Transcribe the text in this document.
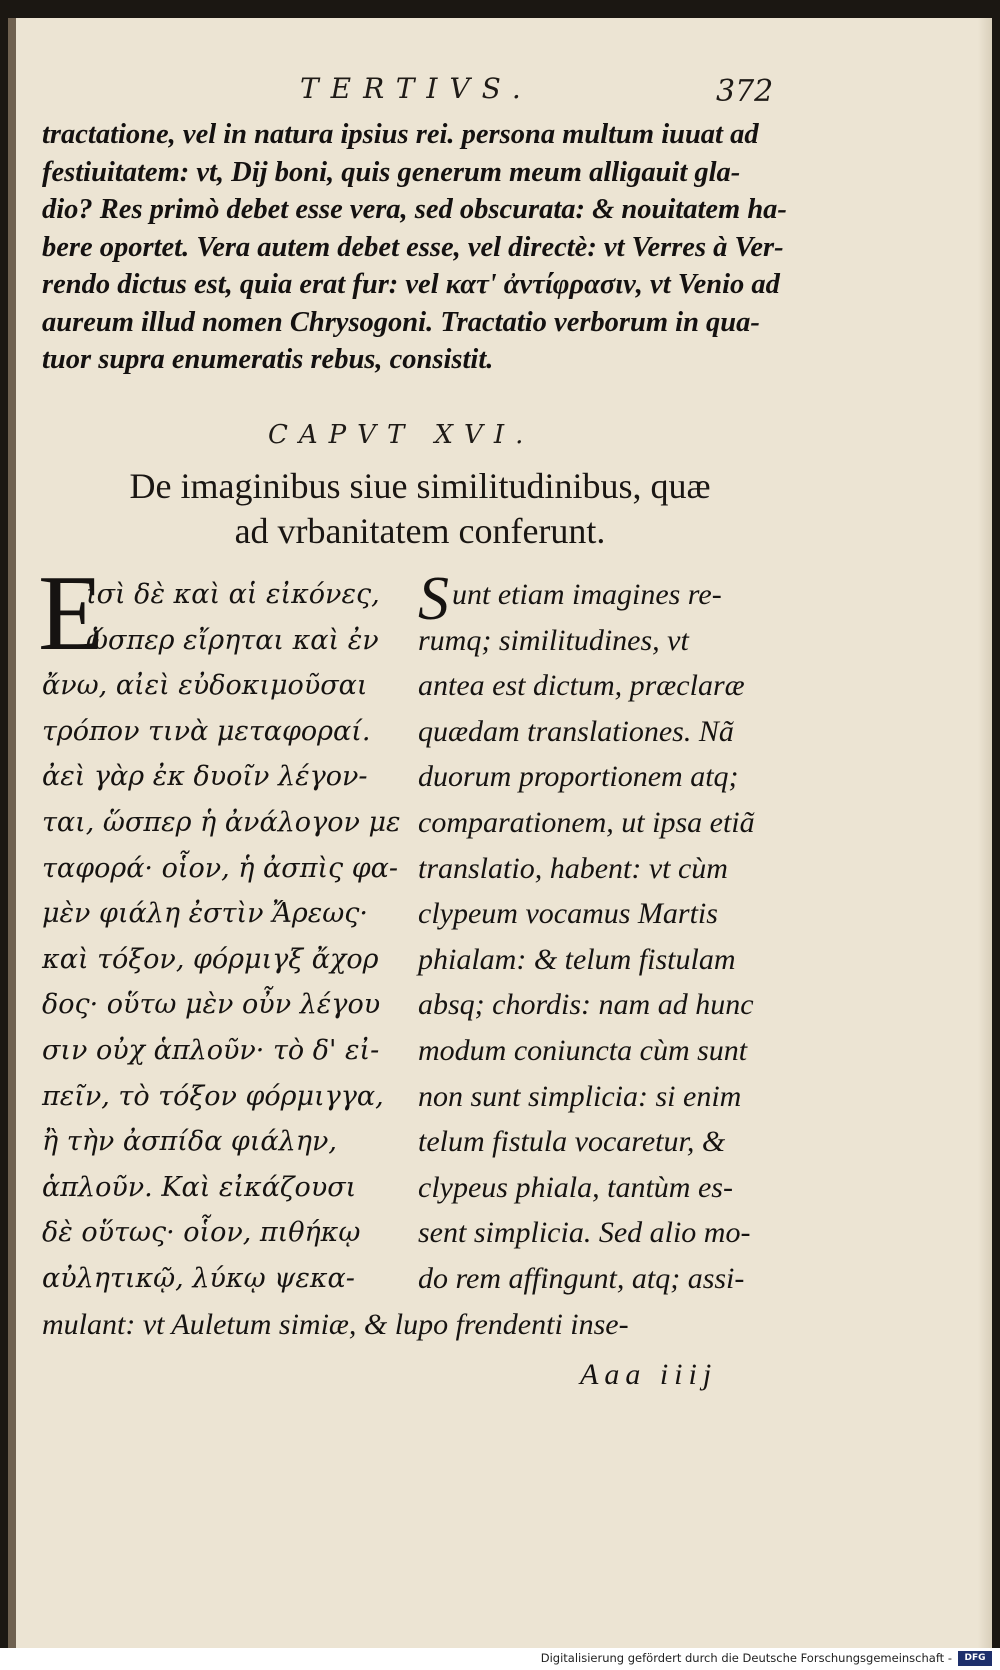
TERTIVS.	372
tractatione, vel in natura ipsius rei. persona multum iuuat ad
festiuitatem: vt, Dij boni, quis generum meum alligauit gla-
dio? Res primò debet esse vera, sed obscurata: & nouitatem ha-
bere oportet. Vera autem debet esse, vel directè: vt Verres à Ver-
rendo dictus est, quia erat fur: vel κατ' ἀντίφρασιν, vt Venio ad
aureum illud nomen Chrysogoni. Tractatio verborum in qua-
tuor supra enumeratis rebus, consistit.
CAPVT XVI.
De imaginibus siue similitudinibus, quæ
ad vrbanitatem conferunt.
E
ἰσὶ δὲ καὶ αἱ εἰκόνες,
ὥσπερ εἴρηται καὶ ἐν
ἄνω, αἰεὶ εὐδοκιμοῦσαι
τρόπον τινὰ μεταφοραί.
ἀεὶ γὰρ ἐκ δυοῖν λέγον-
ται, ὥσπερ ἡ ἀνάλογον με
ταφορά· οἷον, ἡ ἀσπὶς φα-
μὲν φιάλη ἐστὶν Ἄρεως·
καὶ τόξον, φόρμιγξ ἄχορ
δος· οὕτω μὲν οὖν λέγου
σιν οὐχ ἁπλοῦν· τὸ δ' εἰ-
πεῖν, τὸ τόξον φόρμιγγα,
ἢ τὴν ἀσπίδα φιάλην,
ἁπλοῦν. Καὶ εἰκάζουσι
δὲ οὕτως· οἷον, πιθήκῳ
αὐλητικῷ, λύκῳ ψεκα-
S unt etiam imagines re-
rumq; similitudines, vt
antea est dictum, præclaræ
quædam translationes. Nã
duorum proportionem atq;
comparationem, ut ipsa etiã
translatio, habent: vt cùm
clypeum vocamus Martis
phialam: & telum fistulam
absq; chordis: nam ad hunc
modum coniuncta cùm sunt
non sunt simplicia: si enim
telum fistula vocaretur, &
clypeus phiala, tantùm es-
sent simplicia. Sed alio mo-
do rem affingunt, atq; assi-
mulant: vt Auletum simiæ, & lupo frendenti inse-
Aaa iiij
Digitalisierung gefördert durch die Deutsche Forschungsgemeinschaft -	DFG
